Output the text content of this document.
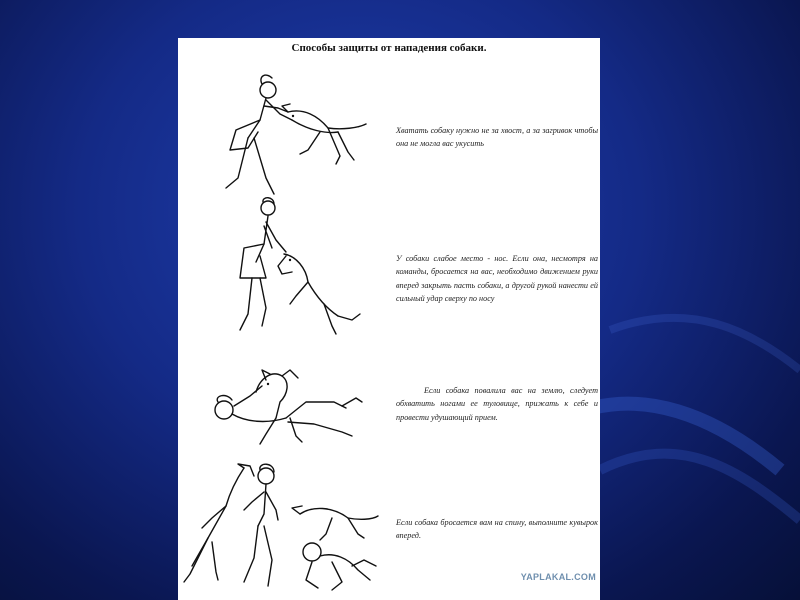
Способы защиты от нападения собаки.
Хватать собаку нужно не за хвост, а за загривок чтобы она не могла вас укусить
У собаки слабое место - нос. Если она, несмотря на команды, бросается на вас, необходимо движением руки вперед закрыть пасть собаки, а другой рукой нанести ей сильный удар сверху по носу
Если собака повалила вас на землю, следует обхватить ногами ее туловище, прижать к себе и провести удушающий прием.
Если собака бросается вам на спину, выполните кувырок вперед.
YAPLAKAL.COM
